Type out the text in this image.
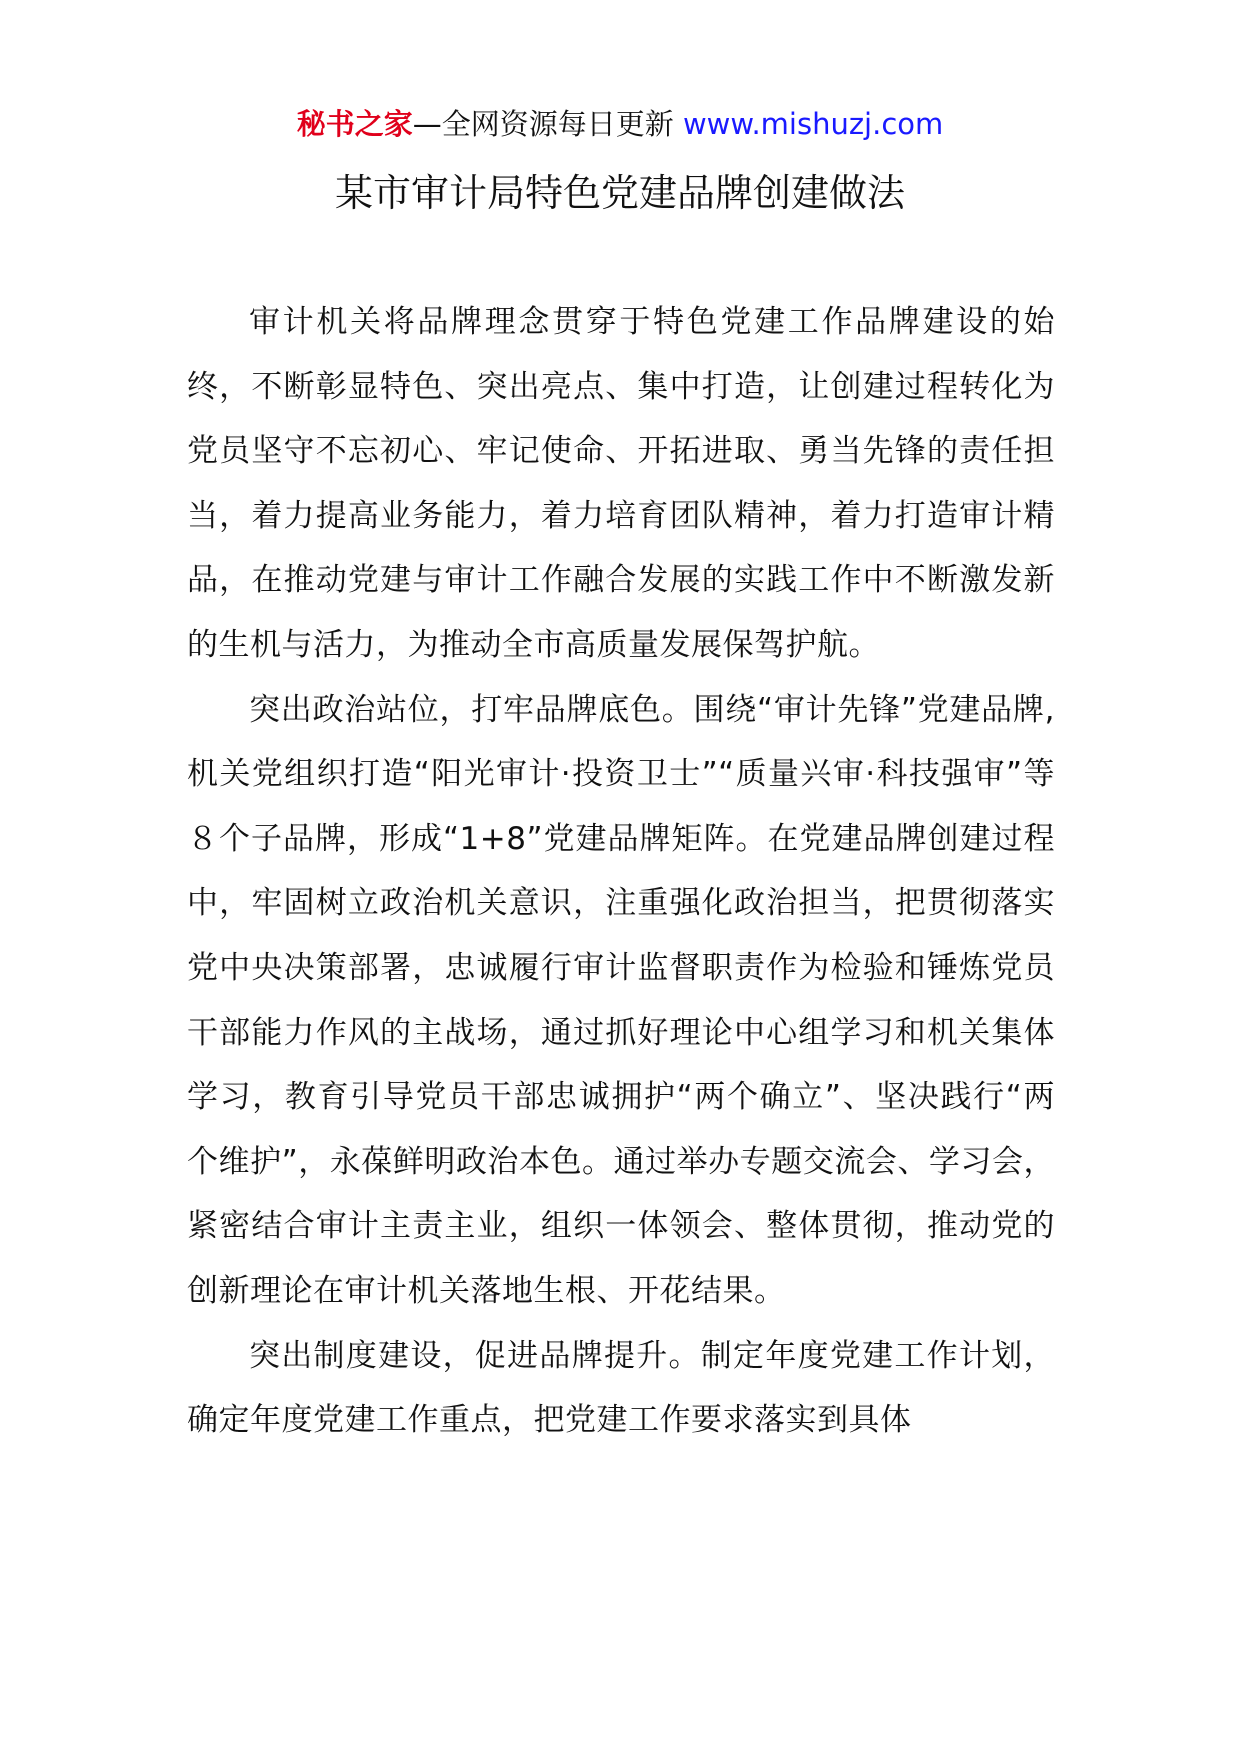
秘书之家—全网资源每日更新 www.mishuzj.com
某市审计局特色党建品牌创建做法

审计机关将品牌理念贯穿于特色党建工作品牌建设的始终，不断彰显特色、突出亮点、集中打造，让创建过程转化为党员坚守不忘初心、牢记使命、开拓进取、勇当先锋的责任担当，着力提高业务能力，着力培育团队精神，着力打造审计精品，在推动党建与审计工作融合发展的实践工作中不断激发新的生机与活力，为推动全市高质量发展保驾护航。

突出政治站位，打牢品牌底色。围绕“审计先锋”党建品牌,机关党组织打造“阳光审计·投资卫士”“质量兴审·科技强审”等８个子品牌，形成“1+8”党建品牌矩阵。在党建品牌创建过程中，牢固树立政治机关意识，注重强化政治担当，把贯彻落实党中央决策部署，忠诚履行审计监督职责作为检验和锤炼党员干部能力作风的主战场，通过抓好理论中心组学习和机关集体学习，教育引导党员干部忠诚拥护“两个确立”、坚决践行“两个维护”，永葆鲜明政治本色。通过举办专题交流会、学习会，紧密结合审计主责主业，组织一体领会、整体贯彻，推动党的创新理论在审计机关落地生根、开花结果。

突出制度建设，促进品牌提升。制定年度党建工作计划，确定年度党建工作重点，把党建工作要求落实到具体
